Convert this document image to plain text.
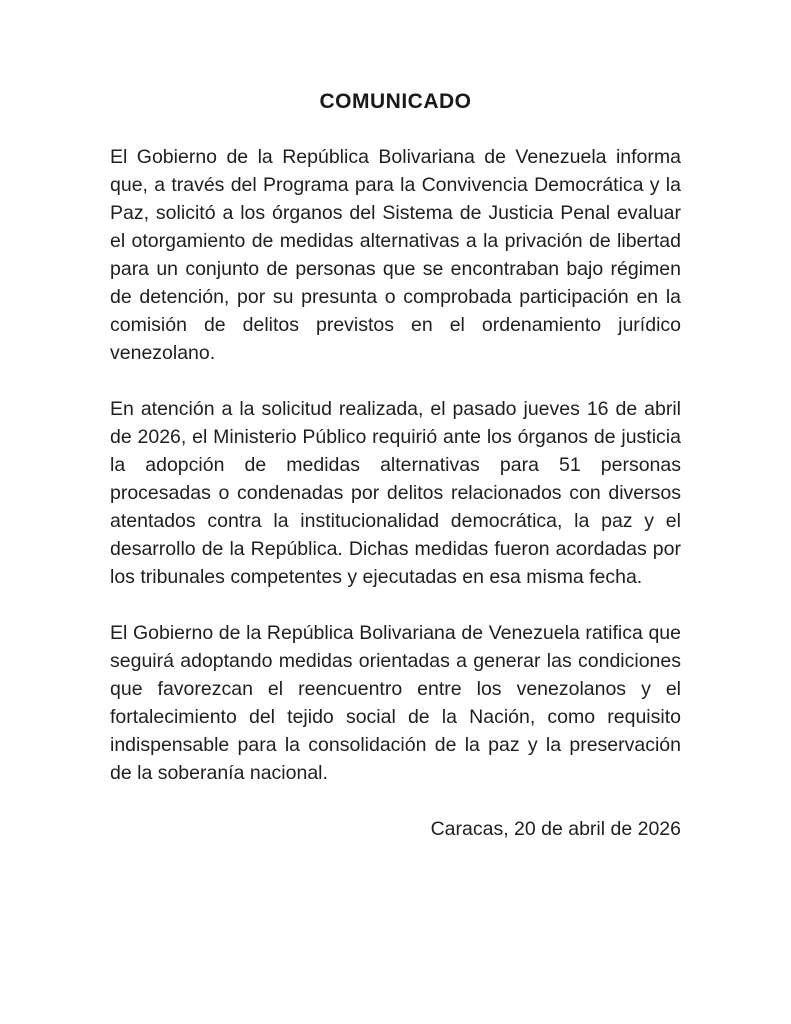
COMUNICADO

El Gobierno de la República Bolivariana de Venezuela informa que, a través del Programa para la Convivencia Democrática y la Paz, solicitó a los órganos del Sistema de Justicia Penal evaluar el otorgamiento de medidas alternativas a la privación de libertad para un conjunto de personas que se encontraban bajo régimen de detención, por su presunta o comprobada participación en la comisión de delitos previstos en el ordenamiento jurídico venezolano.

En atención a la solicitud realizada, el pasado jueves 16 de abril de 2026, el Ministerio Público requirió ante los órganos de justicia la adopción de medidas alternativas para 51 personas procesadas o condenadas por delitos relacionados con diversos atentados contra la institucionalidad democrática, la paz y el desarrollo de la República. Dichas medidas fueron acordadas por los tribunales competentes y ejecutadas en esa misma fecha.

El Gobierno de la República Bolivariana de Venezuela ratifica que seguirá adoptando medidas orientadas a generar las condiciones que favorezcan el reencuentro entre los venezolanos y el fortalecimiento del tejido social de la Nación, como requisito indispensable para la consolidación de la paz y la preservación de la soberanía nacional.

Caracas, 20 de abril de 2026
